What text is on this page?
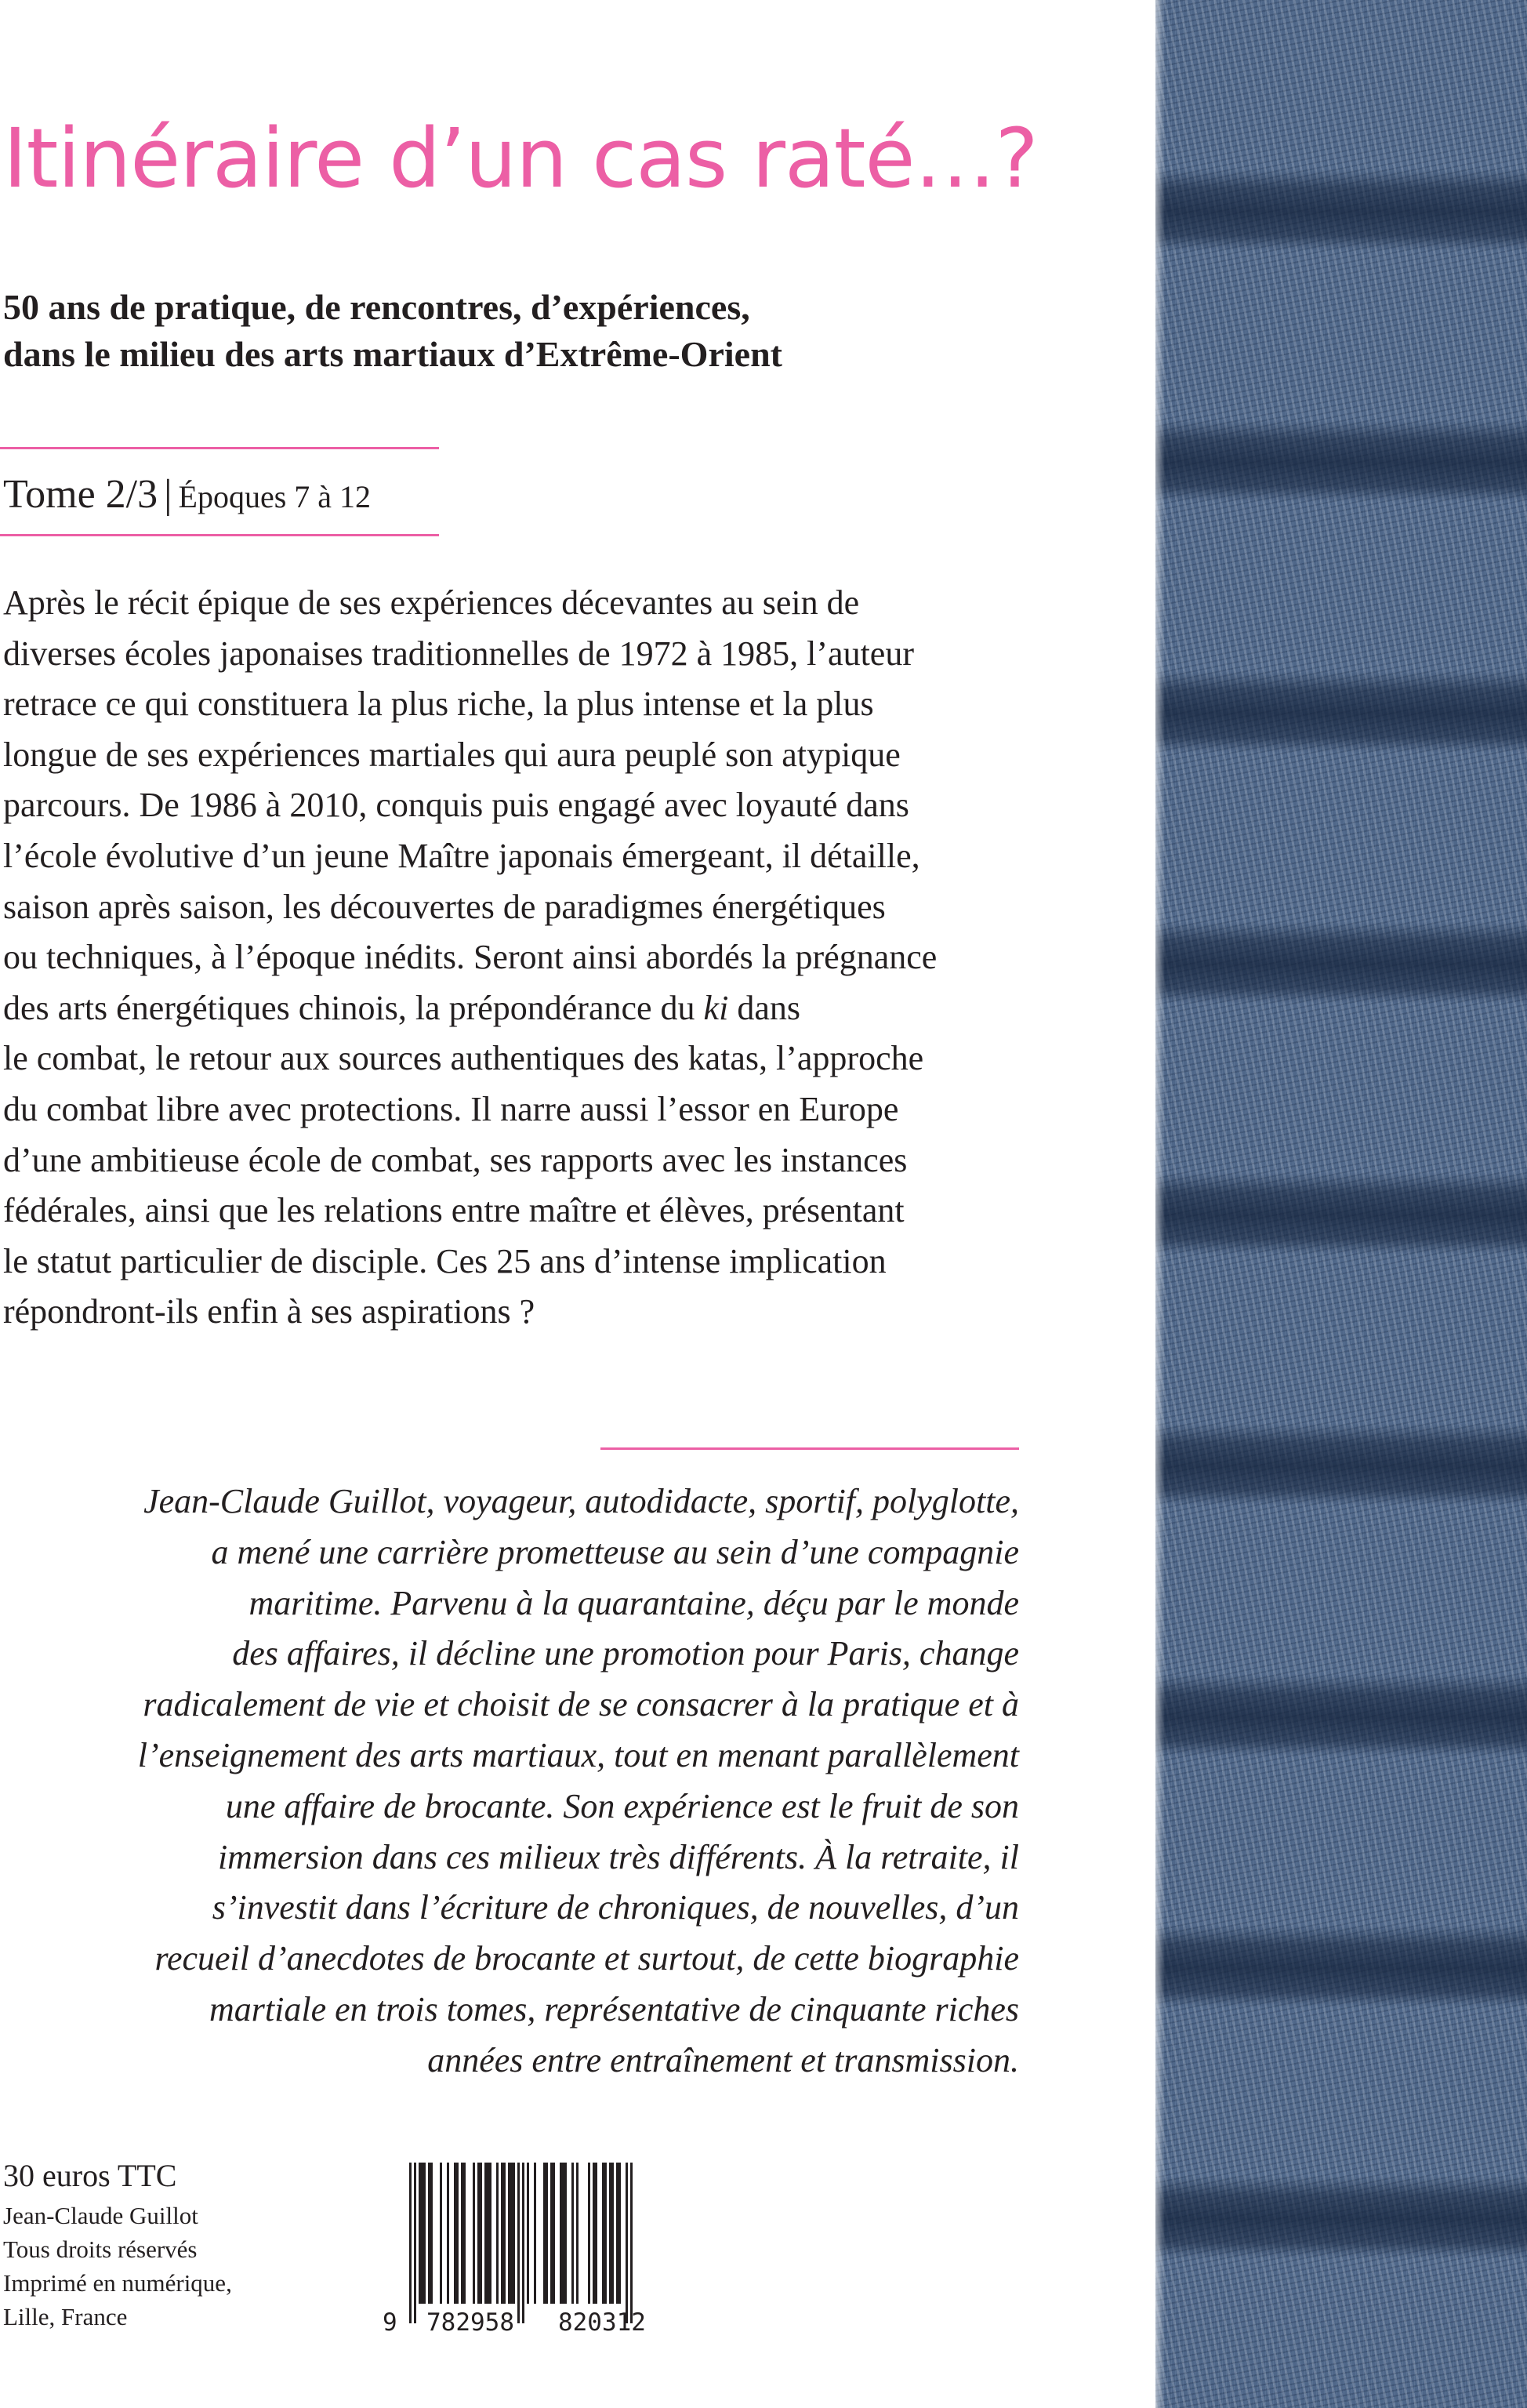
Itinéraire d’un cas raté…?

50 ans de pratique, de rencontres, d’expériences,
dans le milieu des arts martiaux d’Extrême-Orient

Tome 2/3 | Époques 7 à 12

Après le récit épique de ses expériences décevantes au sein de
diverses écoles japonaises traditionnelles de 1972 à 1985, l’auteur
retrace ce qui constituera la plus riche, la plus intense et la plus
longue de ses expériences martiales qui aura peuplé son atypique
parcours. De 1986 à 2010, conquis puis engagé avec loyauté dans
l’école évolutive d’un jeune Maître japonais émergeant, il détaille,
saison après saison, les découvertes de paradigmes énergétiques
ou techniques, à l’époque inédits. Seront ainsi abordés la prégnance
des arts énergétiques chinois, la prépondérance du ki dans
le combat, le retour aux sources authentiques des katas, l’approche
du combat libre avec protections. Il narre aussi l’essor en Europe
d’une ambitieuse école de combat, ses rapports avec les instances
fédérales, ainsi que les relations entre maître et élèves, présentant
le statut particulier de disciple. Ces 25 ans d’intense implication
répondront-ils enfin à ses aspirations ?

Jean-Claude Guillot, voyageur, autodidacte, sportif, polyglotte,
a mené une carrière prometteuse au sein d’une compagnie
maritime. Parvenu à la quarantaine, déçu par le monde
des affaires, il décline une promotion pour Paris, change
radicalement de vie et choisit de se consacrer à la pratique et à
l’enseignement des arts martiaux, tout en menant parallèlement
une affaire de brocante. Son expérience est le fruit de son
immersion dans ces milieux très différents. À la retraite, il
s’investit dans l’écriture de chroniques, de nouvelles, d’un
recueil d’anecdotes de brocante et surtout, de cette biographie
martiale en trois tomes, représentative de cinquante riches
années entre entraînement et transmission.

30 euros TTC
Jean-Claude Guillot
Tous droits réservés
Imprimé en numérique,
Lille, France	9 782958 820312
